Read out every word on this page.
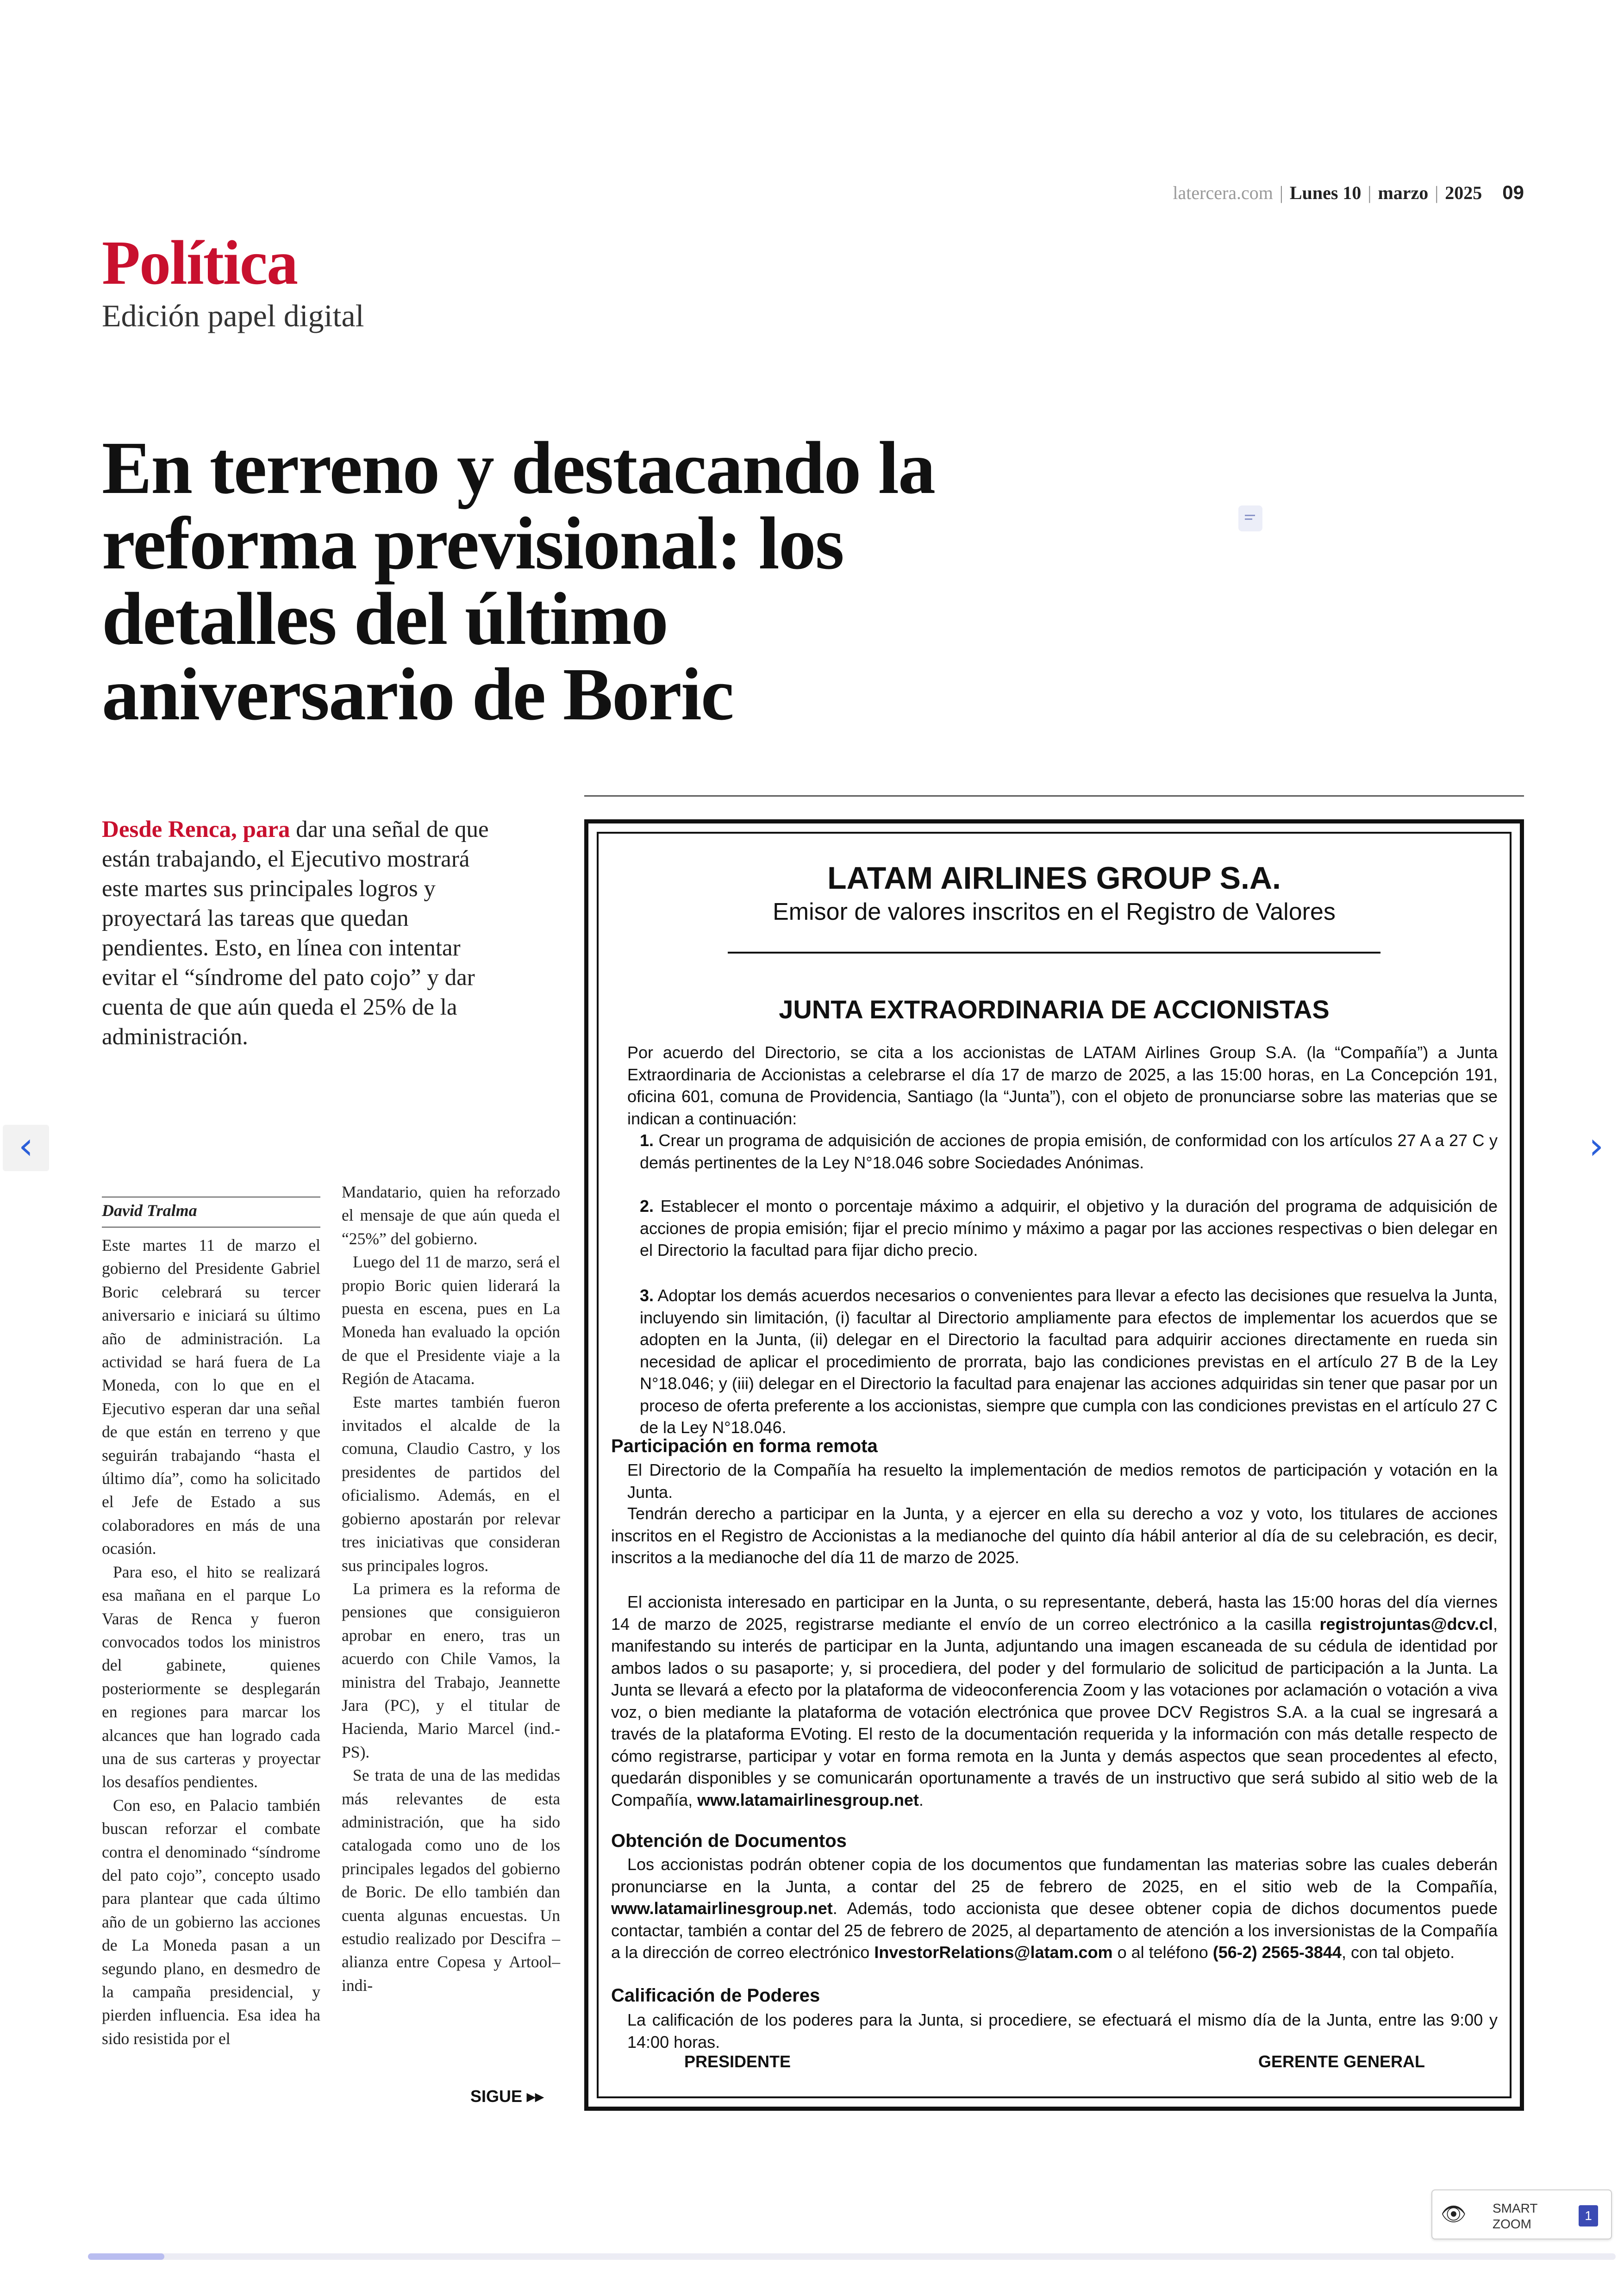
latercera.com | Lunes 10 | marzo | 2025 09
Política
Edición papel digital
En terreno y destacando la reforma previsional: los detalles del último aniversario de Boric
Desde Renca, para dar una señal de que están trabajando, el Ejecutivo mostrará este martes sus principales logros y proyectará las tareas que quedan pendientes. Esto, en línea con intentar evitar el “síndrome del pato cojo” y dar cuenta de que aún queda el 25% de la administración.
‹	›
David Tralma

Este martes 11 de marzo el gobierno del Presidente Gabriel Boric celebrará su tercer aniversario e iniciará su último año de administración. La actividad se hará fuera de La Moneda, con lo que en el Ejecutivo esperan dar una señal de que están en terreno y que seguirán trabajando “hasta el último día”, como ha solicitado el Jefe de Estado a sus colaboradores en más de una ocasión.

Para eso, el hito se realizará esa mañana en el parque Lo Varas de Renca y fueron convocados todos los ministros del gabinete, quienes posteriormente se desplegarán en regiones para marcar los alcances que han logrado cada una de sus carteras y proyectar los desafíos pendientes.

Con eso, en Palacio también buscan reforzar el combate contra el denominado “síndrome del pato cojo”, concepto usado para plantear que cada último año de un gobierno las acciones de La Moneda pasan a un segundo plano, en desmedro de la campaña presidencial, y pierden influencia. Esa idea ha sido resistida por el

Mandatario, quien ha reforzado el mensaje de que aún queda el “25%” del gobierno.

Luego del 11 de marzo, será el propio Boric quien liderará la puesta en escena, pues en La Moneda han evaluado la opción de que el Presidente viaje a la Región de Atacama.

Este martes también fueron invitados el alcalde de la comuna, Claudio Castro, y los presidentes de partidos del oficialismo. Además, en el gobierno apostarán por relevar tres iniciativas que consideran sus principales logros.

La primera es la reforma de pensiones que consiguieron aprobar en enero, tras un acuerdo con Chile Vamos, la ministra del Trabajo, Jeannette Jara (PC), y el titular de Hacienda, Mario Marcel (ind.-PS).

Se trata de una de las medidas más relevantes de esta administración, que ha sido catalogada como uno de los principales legados del gobierno de Boric. De ello también dan cuenta algunas encuestas. Un estudio realizado por Descifra –alianza entre Copesa y Artool– indi-

SIGUE ▸▸
LATAM AIRLINES GROUP S.A.
Emisor de valores inscritos en el Registro de Valores
JUNTA EXTRAORDINARIA DE ACCIONISTAS
Por acuerdo del Directorio, se cita a los accionistas de LATAM Airlines Group S.A. (la “Compañía”) a Junta Extraordinaria de Accionistas a celebrarse el día 17 de marzo de 2025, a las 15:00 horas, en La Concepción 191, oficina 601, comuna de Providencia, Santiago (la “Junta”), con el objeto de pronunciarse sobre las materias que se indican a continuación:
1. Crear un programa de adquisición de acciones de propia emisión, de conformidad con los artículos 27 A a 27 C y demás pertinentes de la Ley N°18.046 sobre Sociedades Anónimas.
2. Establecer el monto o porcentaje máximo a adquirir, el objetivo y la duración del programa de adquisición de acciones de propia emisión; fijar el precio mínimo y máximo a pagar por las acciones respectivas o bien delegar en el Directorio la facultad para fijar dicho precio.
3. Adoptar los demás acuerdos necesarios o convenientes para llevar a efecto las decisiones que resuelva la Junta, incluyendo sin limitación, (i) facultar al Directorio ampliamente para efectos de implementar los acuerdos que se adopten en la Junta, (ii) delegar en el Directorio la facultad para adquirir acciones directamente en rueda sin necesidad de aplicar el procedimiento de prorrata, bajo las condiciones previstas en el artículo 27 B de la Ley N°18.046; y (iii) delegar en el Directorio la facultad para enajenar las acciones adquiridas sin tener que pasar por un proceso de oferta preferente a los accionistas, siempre que cumpla con las condiciones previstas en el artículo 27 C de la Ley N°18.046.
Participación en forma remota
El Directorio de la Compañía ha resuelto la implementación de medios remotos de participación y votación en la Junta.
Tendrán derecho a participar en la Junta, y a ejercer en ella su derecho a voz y voto, los titulares de acciones inscritos en el Registro de Accionistas a la medianoche del quinto día hábil anterior al día de su celebración, es decir, inscritos a la medianoche del día 11 de marzo de 2025.
El accionista interesado en participar en la Junta, o su representante, deberá, hasta las 15:00 horas del día viernes 14 de marzo de 2025, registrarse mediante el envío de un correo electrónico a la casilla registrojuntas@dcv.cl, manifestando su interés de participar en la Junta, adjuntando una imagen escaneada de su cédula de identidad por ambos lados o su pasaporte; y, si procediera, del poder y del formulario de solicitud de participación a la Junta. La Junta se llevará a efecto por la plataforma de videoconferencia Zoom y las votaciones por aclamación o votación a viva voz, o bien mediante la plataforma de votación electrónica que provee DCV Registros S.A. a la cual se ingresará a través de la plataforma EVoting. El resto de la documentación requerida y la información con más detalle respecto de cómo registrarse, participar y votar en forma remota en la Junta y demás aspectos que sean procedentes al efecto, quedarán disponibles y se comunicarán oportunamente a través de un instructivo que será subido al sitio web de la Compañía, www.latamairlinesgroup.net.
Obtención de Documentos
Los accionistas podrán obtener copia de los documentos que fundamentan las materias sobre las cuales deberán pronunciarse en la Junta, a contar del 25 de febrero de 2025, en el sitio web de la Compañía, www.latamairlinesgroup.net. Además, todo accionista que desee obtener copia de dichos documentos puede contactar, también a contar del 25 de febrero de 2025, al departamento de atención a los inversionistas de la Compañía a la dirección de correo electrónico InvestorRelations@latam.com o al teléfono (56-2) 2565-3844, con tal objeto.
Calificación de Poderes
La calificación de los poderes para la Junta, si procediere, se efectuará el mismo día de la Junta, entre las 9:00 y 14:00 horas.
PRESIDENTE	GERENTE GENERAL
👁 SMART
ZOOM
1
